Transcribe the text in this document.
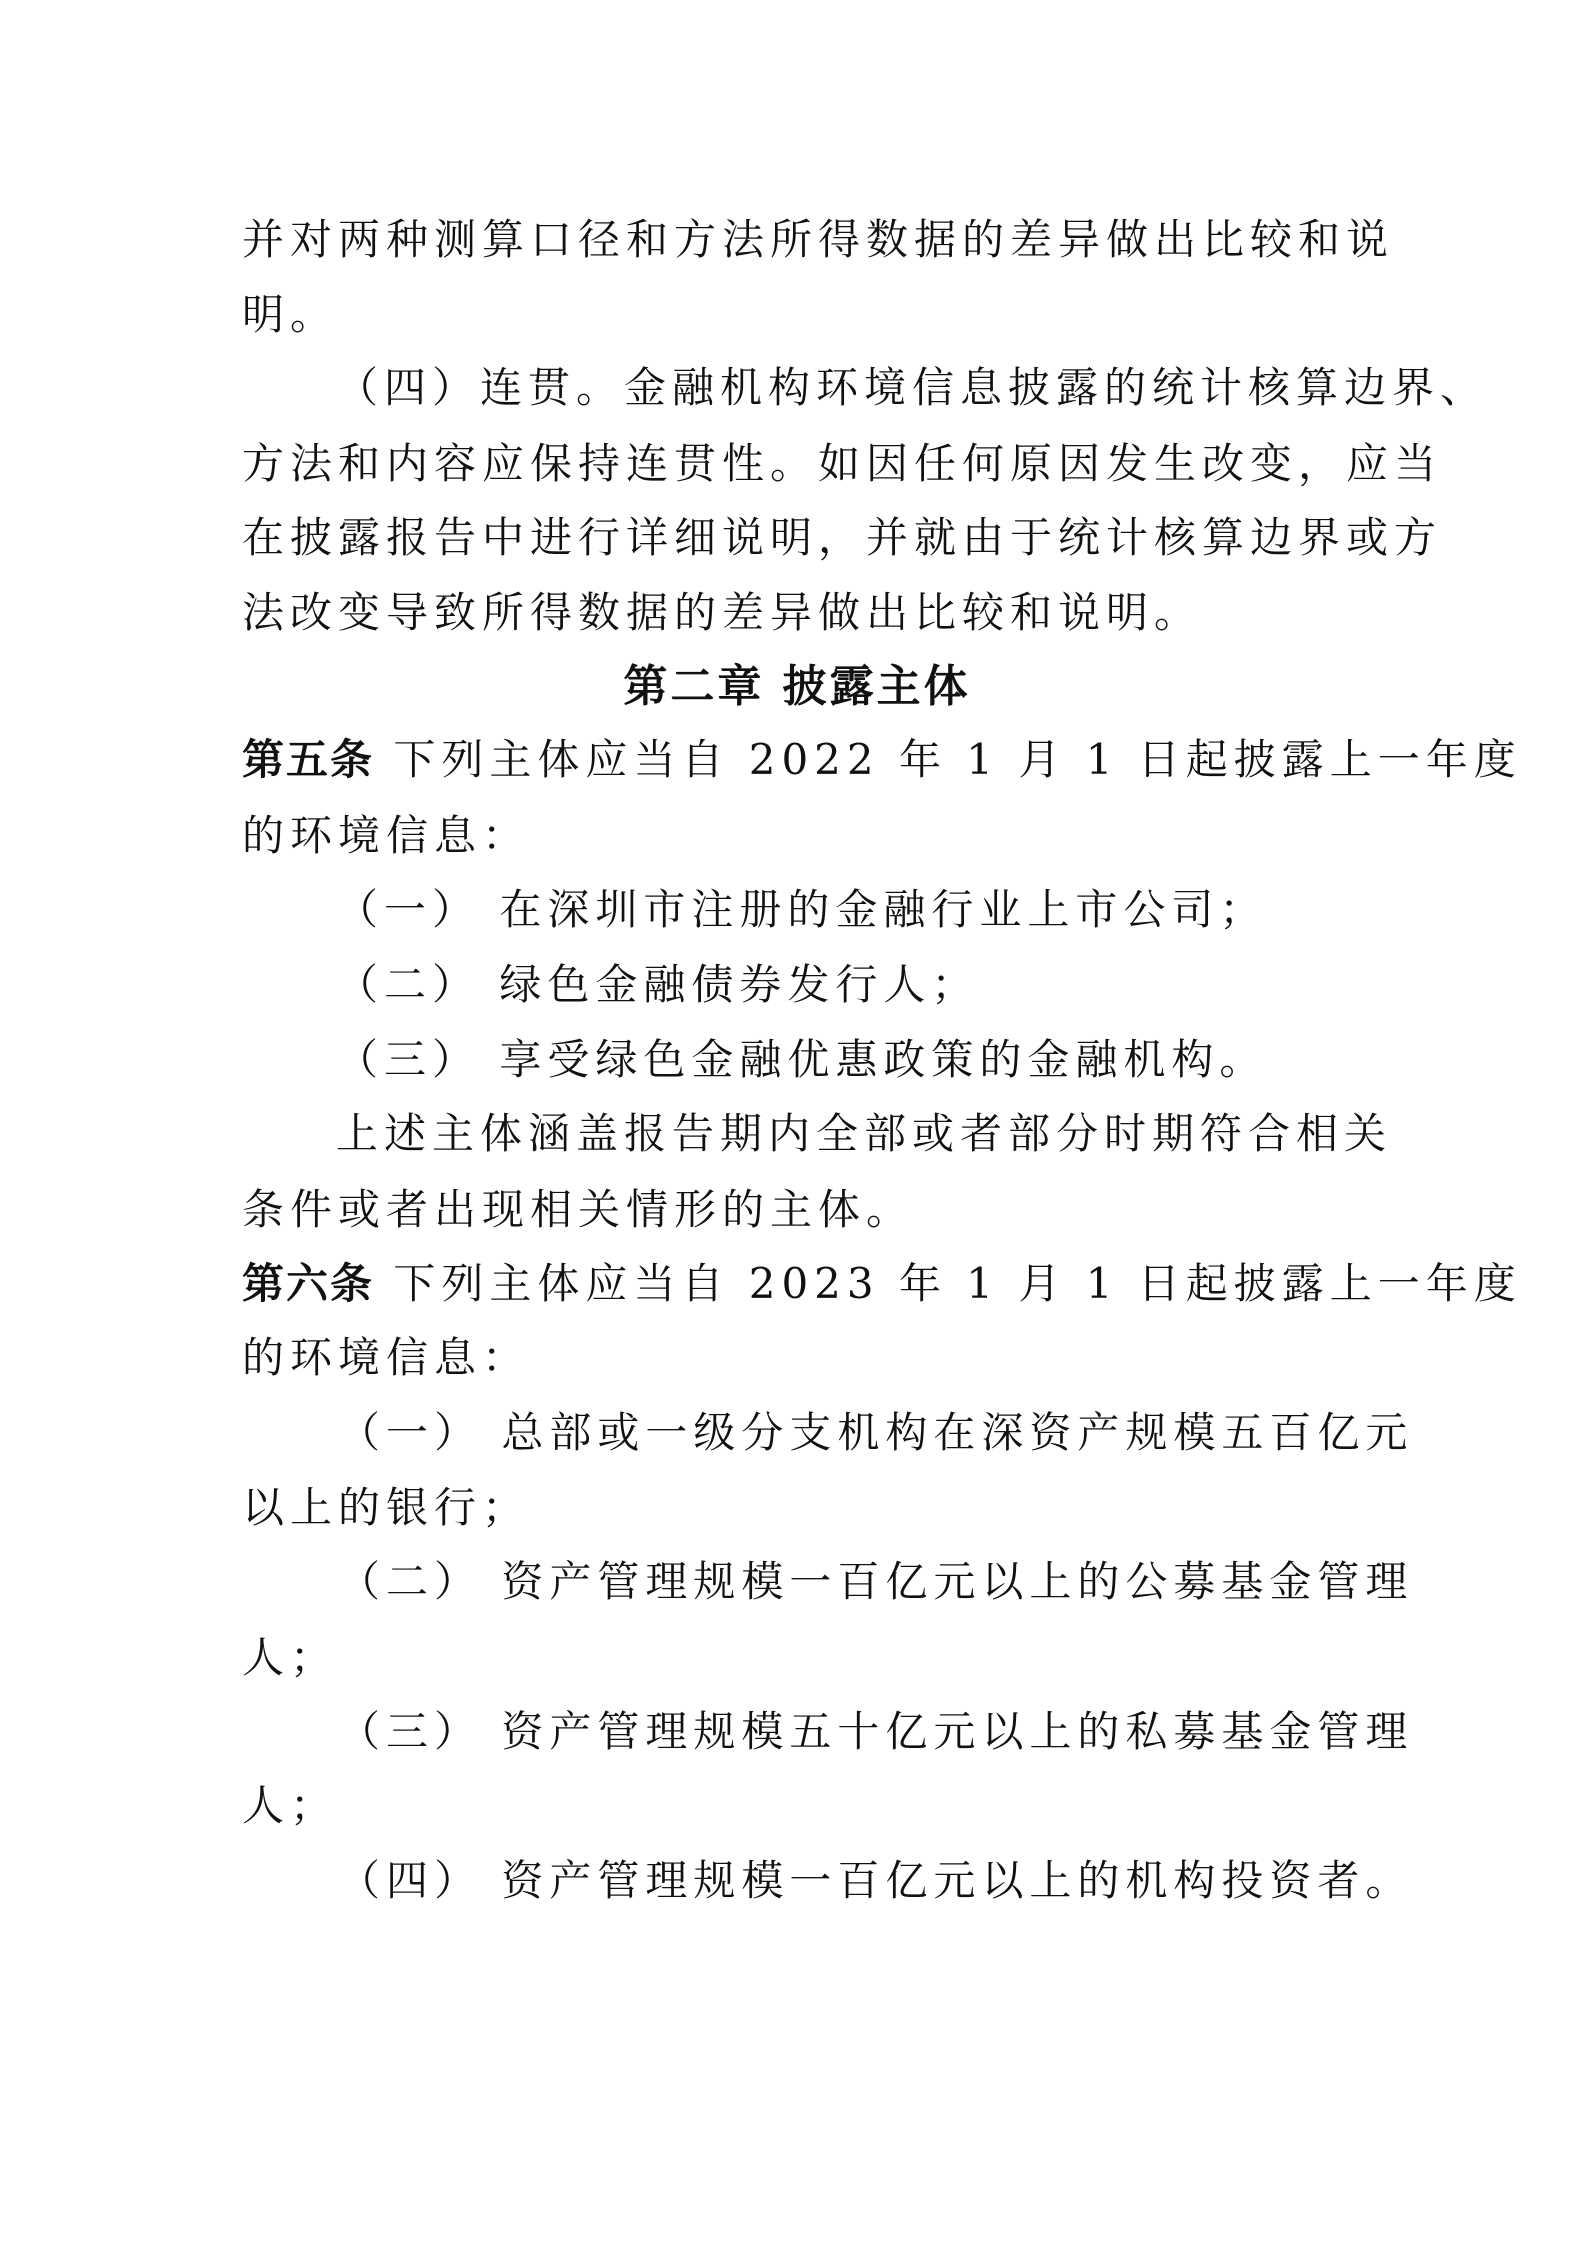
并对两种测算口径和方法所得数据的差异做出比较和说
明。
（四）连贯。金融机构环境信息披露的统计核算边界、
方法和内容应保持连贯性。如因任何原因发生改变，应当
在披露报告中进行详细说明，并就由于统计核算边界或方
法改变导致所得数据的差异做出比较和说明。
第二章 披露主体
第五条 下列主体应当自 2022 年 1 月 1 日起披露上一年度
的环境信息：
（一） 在深圳市注册的金融行业上市公司；
（二） 绿色金融债券发行人；
（三） 享受绿色金融优惠政策的金融机构。
上述主体涵盖报告期内全部或者部分时期符合相关
条件或者出现相关情形的主体。
第六条 下列主体应当自 2023 年 1 月 1 日起披露上一年度
的环境信息：
（一） 总部或一级分支机构在深资产规模五百亿元
以上的银行；
（二） 资产管理规模一百亿元以上的公募基金管理
人；
（三） 资产管理规模五十亿元以上的私募基金管理
人；
（四） 资产管理规模一百亿元以上的机构投资者。
